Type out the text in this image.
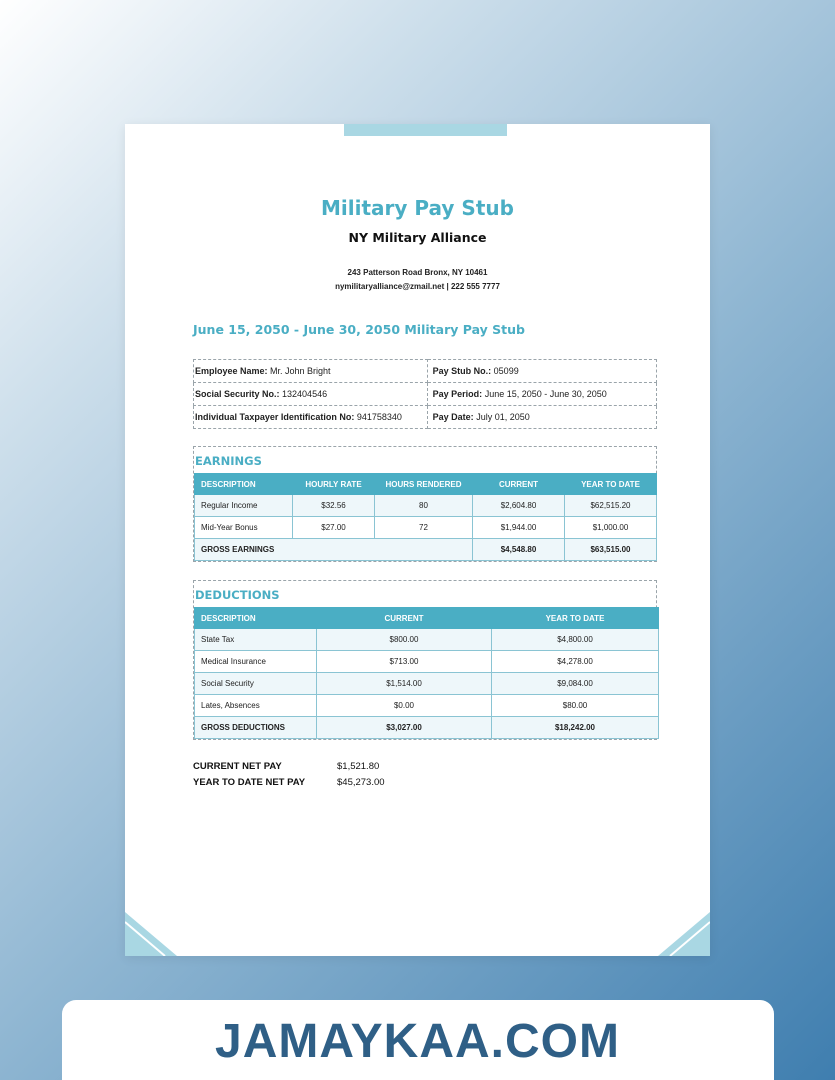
Military Pay Stub
NY Military Alliance
243 Patterson Road Bronx, NY 10461
nymilitaryalliance@zmail.net | 222 555 7777
June 15, 2050 - June 30, 2050 Military Pay Stub
Employee Name: Mr. John Bright	Pay Stub No.: 05099
Social Security No.: 132404546	Pay Period: June 15, 2050 - June 30, 2050
Individual Taxpayer Identification No: 941758340	Pay Date: July 01, 2050
EARNINGS
DESCRIPTION	HOURLY RATE	HOURS RENDERED	CURRENT	YEAR TO DATE
Regular Income	$32.56	80	$2,604.80	$62,515.20
Mid-Year Bonus	$27.00	72	$1,944.00	$1,000.00
GROSS EARNINGS			$4,548.80	$63,515.00
DEDUCTIONS
DESCRIPTION	CURRENT	YEAR TO DATE
State Tax	$800.00	$4,800.00
Medical Insurance	$713.00	$4,278.00
Social Security	$1,514.00	$9,084.00
Lates, Absences	$0.00	$80.00
GROSS DEDUCTIONS	$3,027.00	$18,242.00
CURRENT NET PAY	$1,521.80
YEAR TO DATE NET PAY	$45,273.00
JAMAYKAA.COM
